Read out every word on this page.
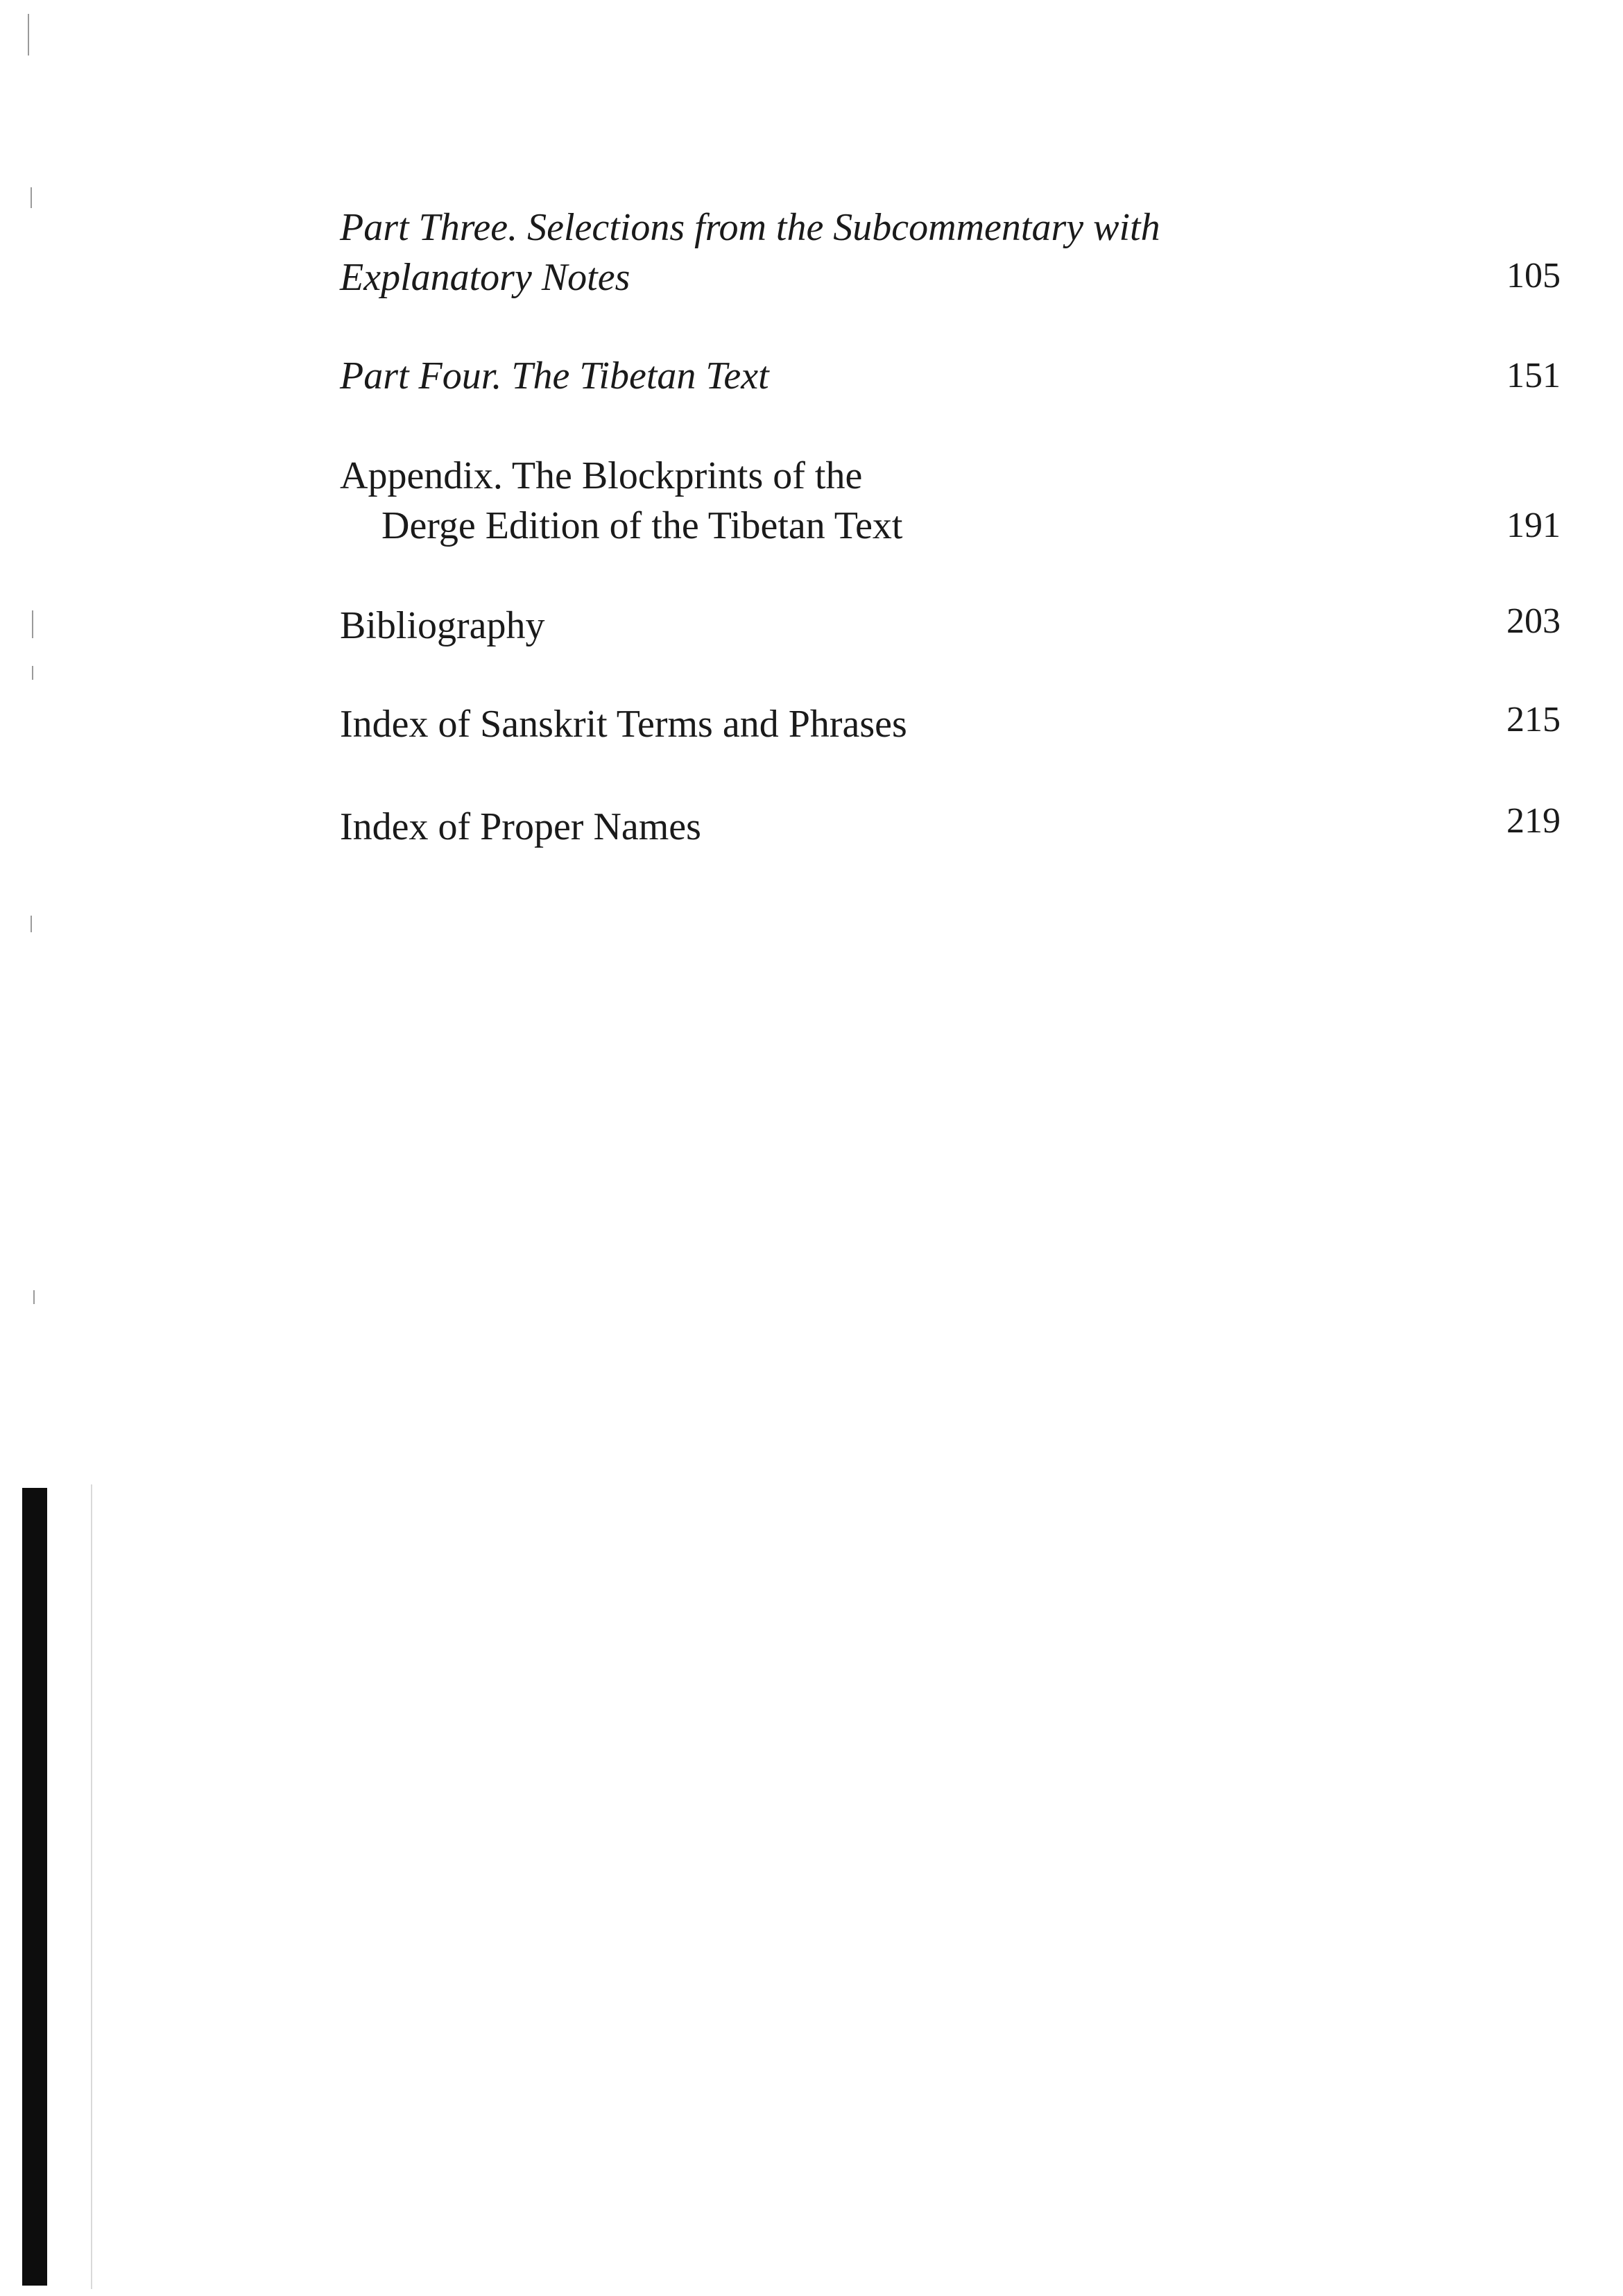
Part Three. Selections from the Subcommentary with
Explanatory Notes	105
Part Four. The Tibetan Text	151
Appendix. The Blockprints of the
Derge Edition of the Tibetan Text	191
Bibliography	203
Index of Sanskrit Terms and Phrases	215
Index of Proper Names	219
